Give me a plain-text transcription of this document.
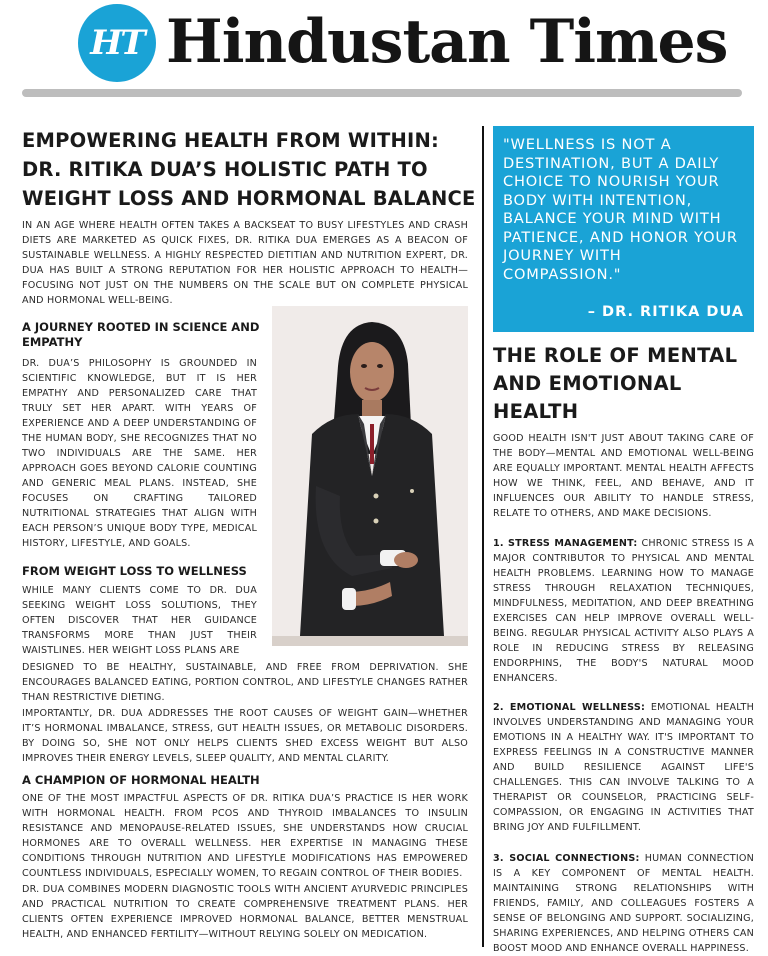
HT Hindustan Times
EMPOWERING HEALTH FROM WITHIN: DR. RITIKA DUA’S HOLISTIC PATH TO WEIGHT LOSS AND HORMONAL BALANCE

IN AN AGE WHERE HEALTH OFTEN TAKES A BACKSEAT TO BUSY LIFESTYLES AND CRASH DIETS ARE MARKETED AS QUICK FIXES, DR. RITIKA DUA EMERGES AS A BEACON OF SUSTAINABLE WELLNESS. A HIGHLY RESPECTED DIETITIAN AND NUTRITION EXPERT, DR. DUA HAS BUILT A STRONG REPUTATION FOR HER HOLISTIC APPROACH TO HEALTH—FOCUSING NOT JUST ON THE NUMBERS ON THE SCALE BUT ON COMPLETE PHYSICAL AND HORMONAL WELL-BEING.

A JOURNEY ROOTED IN SCIENCE AND EMPATHY

DR. DUA’S PHILOSOPHY IS GROUNDED IN SCIENTIFIC KNOWLEDGE, BUT IT IS HER EMPATHY AND PERSONALIZED CARE THAT TRULY SET HER APART. WITH YEARS OF EXPERIENCE AND A DEEP UNDERSTANDING OF THE HUMAN BODY, SHE RECOGNIZES THAT NO TWO INDIVIDUALS ARE THE SAME. HER APPROACH GOES BEYOND CALORIE COUNTING AND GENERIC MEAL PLANS. INSTEAD, SHE FOCUSES ON CRAFTING TAILORED NUTRITIONAL STRATEGIES THAT ALIGN WITH EACH PERSON’S UNIQUE BODY TYPE, MEDICAL HISTORY, LIFESTYLE, AND GOALS.

FROM WEIGHT LOSS TO WELLNESS

WHILE MANY CLIENTS COME TO DR. DUA SEEKING WEIGHT LOSS SOLUTIONS, THEY OFTEN DISCOVER THAT HER GUIDANCE TRANSFORMS MORE THAN JUST THEIR WAISTLINES. HER WEIGHT LOSS PLANS ARE

DESIGNED TO BE HEALTHY, SUSTAINABLE, AND FREE FROM DEPRIVATION. SHE ENCOURAGES BALANCED EATING, PORTION CONTROL, AND LIFESTYLE CHANGES RATHER THAN RESTRICTIVE DIETING.

IMPORTANTLY, DR. DUA ADDRESSES THE ROOT CAUSES OF WEIGHT GAIN—WHETHER IT’S HORMONAL IMBALANCE, STRESS, GUT HEALTH ISSUES, OR METABOLIC DISORDERS. BY DOING SO, SHE NOT ONLY HELPS CLIENTS SHED EXCESS WEIGHT BUT ALSO IMPROVES THEIR ENERGY LEVELS, SLEEP QUALITY, AND MENTAL CLARITY.

A CHAMPION OF HORMONAL HEALTH

ONE OF THE MOST IMPACTFUL ASPECTS OF DR. RITIKA DUA’S PRACTICE IS HER WORK WITH HORMONAL HEALTH. FROM PCOS AND THYROID IMBALANCES TO INSULIN RESISTANCE AND MENOPAUSE-RELATED ISSUES, SHE UNDERSTANDS HOW CRUCIAL HORMONES ARE TO OVERALL WELLNESS. HER EXPERTISE IN MANAGING THESE CONDITIONS THROUGH NUTRITION AND LIFESTYLE MODIFICATIONS HAS EMPOWERED COUNTLESS INDIVIDUALS, ESPECIALLY WOMEN, TO REGAIN CONTROL OF THEIR BODIES.

DR. DUA COMBINES MODERN DIAGNOSTIC TOOLS WITH ANCIENT AYURVEDIC PRINCIPLES AND PRACTICAL NUTRITION TO CREATE COMPREHENSIVE TREATMENT PLANS. HER CLIENTS OFTEN EXPERIENCE IMPROVED HORMONAL BALANCE, BETTER MENSTRUAL HEALTH, AND ENHANCED FERTILITY—WITHOUT RELYING SOLELY ON MEDICATION.

"WELLNESS IS NOT A DESTINATION, BUT A DAILY CHOICE TO NOURISH YOUR BODY WITH INTENTION, BALANCE YOUR MIND WITH PATIENCE, AND HONOR YOUR JOURNEY WITH COMPASSION."

– DR. RITIKA DUA
THE ROLE OF MENTAL AND EMOTIONAL HEALTH

GOOD HEALTH ISN'T JUST ABOUT TAKING CARE OF THE BODY—MENTAL AND EMOTIONAL WELL-BEING ARE EQUALLY IMPORTANT. MENTAL HEALTH AFFECTS HOW WE THINK, FEEL, AND BEHAVE, AND IT INFLUENCES OUR ABILITY TO HANDLE STRESS, RELATE TO OTHERS, AND MAKE DECISIONS.

1. STRESS MANAGEMENT: CHRONIC STRESS IS A MAJOR CONTRIBUTOR TO PHYSICAL AND MENTAL HEALTH PROBLEMS. LEARNING HOW TO MANAGE STRESS THROUGH RELAXATION TECHNIQUES, MINDFULNESS, MEDITATION, AND DEEP BREATHING EXERCISES CAN HELP IMPROVE OVERALL WELL-BEING. REGULAR PHYSICAL ACTIVITY ALSO PLAYS A ROLE IN REDUCING STRESS BY RELEASING ENDORPHINS, THE BODY'S NATURAL MOOD ENHANCERS.

2. EMOTIONAL WELLNESS: EMOTIONAL HEALTH INVOLVES UNDERSTANDING AND MANAGING YOUR EMOTIONS IN A HEALTHY WAY. IT'S IMPORTANT TO EXPRESS FEELINGS IN A CONSTRUCTIVE MANNER AND BUILD RESILIENCE AGAINST LIFE'S CHALLENGES. THIS CAN INVOLVE TALKING TO A THERAPIST OR COUNSELOR, PRACTICING SELF-COMPASSION, OR ENGAGING IN ACTIVITIES THAT BRING JOY AND FULFILLMENT.

3. SOCIAL CONNECTIONS: HUMAN CONNECTION IS A KEY COMPONENT OF MENTAL HEALTH. MAINTAINING STRONG RELATIONSHIPS WITH FRIENDS, FAMILY, AND COLLEAGUES FOSTERS A SENSE OF BELONGING AND SUPPORT. SOCIALIZING, SHARING EXPERIENCES, AND HELPING OTHERS CAN BOOST MOOD AND ENHANCE OVERALL HAPPINESS.
